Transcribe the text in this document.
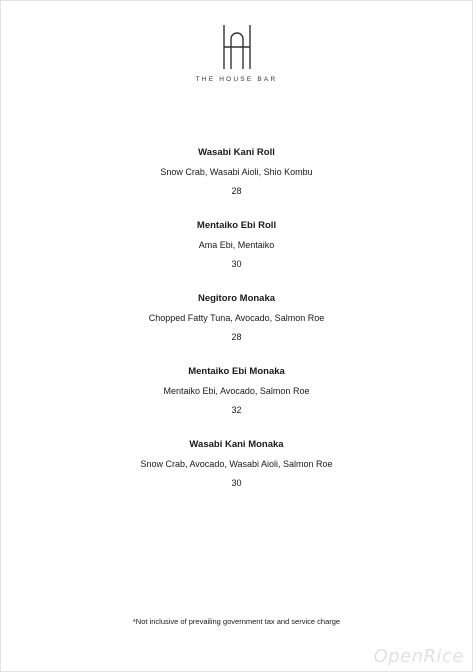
THE HOUSE BAR
Wasabi Kani Roll
Snow Crab, Wasabi Aioli, Shio Kombu
28
Mentaiko Ebi Roll
Ama Ebi, Mentaiko
30
Negitoro Monaka
Chopped Fatty Tuna, Avocado, Salmon Roe
28
Mentaiko Ebi Monaka
Mentaiko Ebi, Avocado, Salmon Roe
32
Wasabi Kani Monaka
Snow Crab, Avocado, Wasabi Aioli, Salmon Roe
30
*Not inclusive of prevailing government tax and service charge
OpenRice
